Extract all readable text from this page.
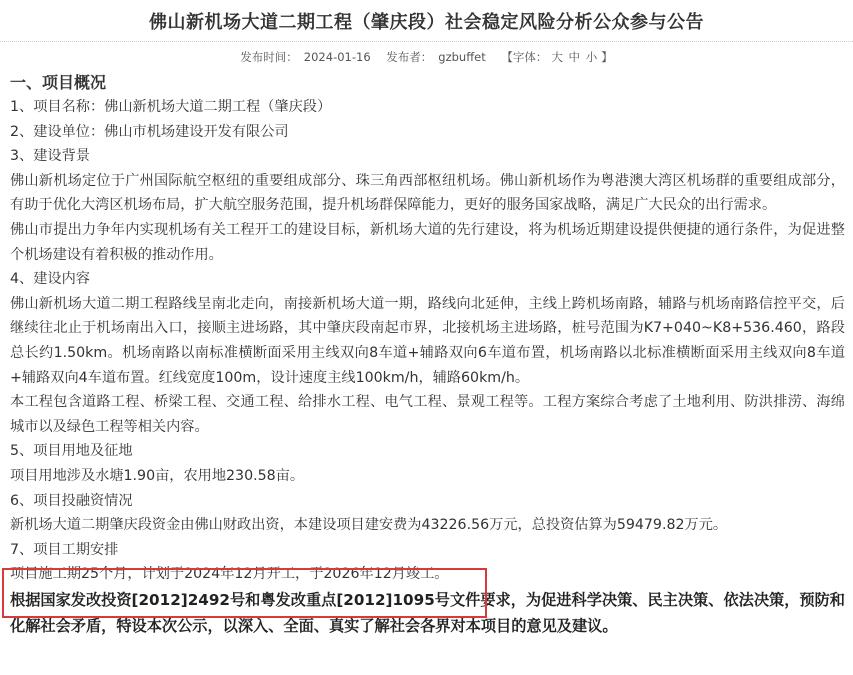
佛山新机场大道二期工程（肇庆段）社会稳定风险分析公众参与公告
发布时间： 2024-01-16 发布者： gzbuffet 【字体： 大 中 小 】

一、项目概况

1、项目名称：佛山新机场大道二期工程（肇庆段）

2、建设单位：佛山市机场建设开发有限公司

3、建设背景

佛山新机场定位于广州国际航空枢纽的重要组成部分、珠三角西部枢纽机场。佛山新机场作为粤港澳大湾区机场群的重要组成部分，有助于优化大湾区机场布局，扩大航空服务范围，提升机场群保障能力，更好的服务国家战略，满足广大民众的出行需求。

佛山市提出力争年内实现机场有关工程开工的建设目标，新机场大道的先行建设，将为机场近期建设提供便捷的通行条件，为促进整个机场建设有着积极的推动作用。

4、建设内容

佛山新机场大道二期工程路线呈南北走向，南接新机场大道一期，路线向北延伸，主线上跨机场南路，辅路与机场南路信控平交，后继续往北止于机场南出入口，接顺主进场路，其中肇庆段南起市界，北接机场主进场路，桩号范围为K7+040~K8+536.460，路段总长约1.50km。机场南路以南标准横断面采用主线双向8车道+辅路双向6车道布置，机场南路以北标准横断面采用主线双向8车道+辅路双向4车道布置。红线宽度100m，设计速度主线100km/h，辅路60km/h。

本工程包含道路工程、桥梁工程、交通工程、给排水工程、电气工程、景观工程等。工程方案综合考虑了土地利用、防洪排涝、海绵城市以及绿色工程等相关内容。

5、项目用地及征地

项目用地涉及水塘1.90亩，农用地230.58亩。

6、项目投融资情况

新机场大道二期肇庆段资金由佛山财政出资，本建设项目建安费为43226.56万元，总投资估算为59479.82万元。

7、项目工期安排

项目施工期25个月，计划于2024年12月开工，于2026年12月竣工。

根据国家发改投资[2012]2492号和粤发改重点[2012]1095号文件要求，为促进科学决策、民主决策、依法决策，预防和化解社会矛盾，特设本次公示，以深入、全面、真实了解社会各界对本项目的意见及建议。
